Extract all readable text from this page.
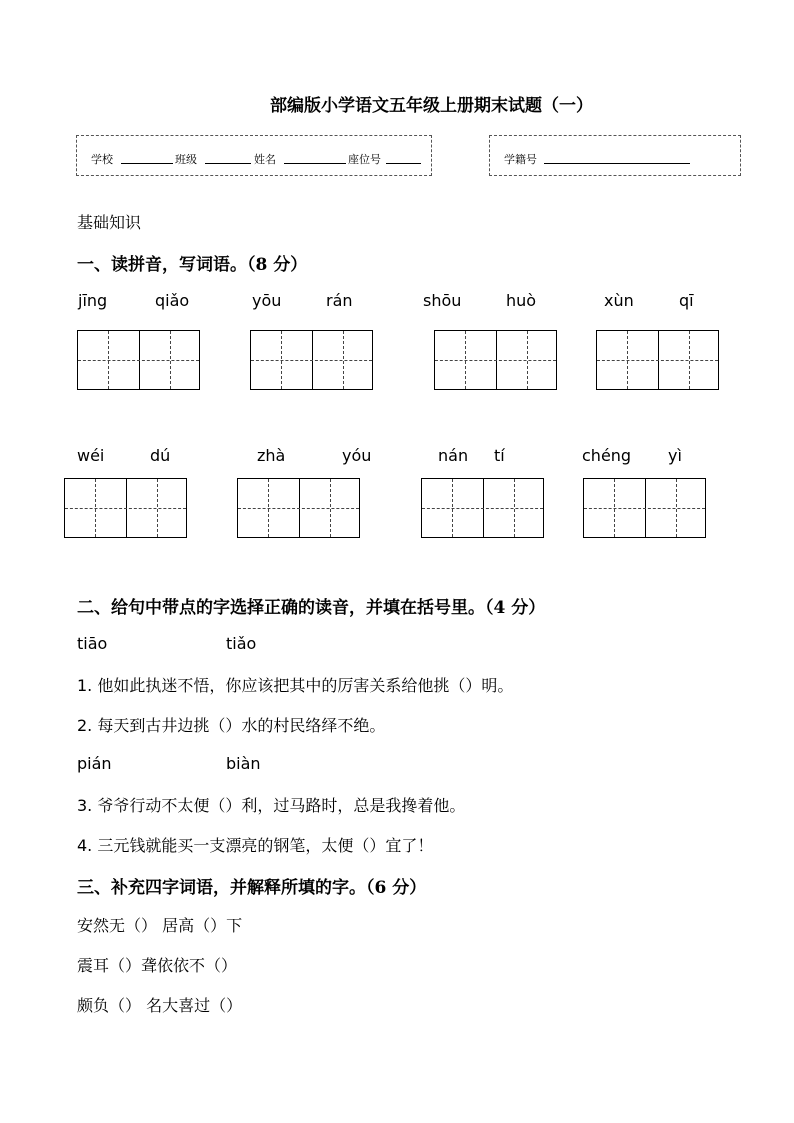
部编版小学语文五年级上册期末试题（一）
学校	班级	姓名	座位号	学籍号
基础知识
一、读拼音，写词语。（8 分）
jīng	qiǎo	yōu	rán	shōu	huò	xùn	qī
wéi	dú	zhà	yóu	nán tí	chéng yì
二、给句中带点的字选择正确的读音，并填在括号里。（4 分）
tiāo	tiǎo
1. 他如此执迷不悟，你应该把其中的厉害关系给他挑（）明。
2. 每天到古井边挑（）水的村民络绎不绝。
pián	biàn
3. 爷爷行动不太便（）利，过马路时，总是我搀着他。
4. 三元钱就能买一支漂亮的钢笔，太便（）宜了！
三、补充四字词语，并解释所填的字。（6 分）
安然无（） 居高（）下
震耳（）聋依依不（）
颇负（） 名大喜过（）
